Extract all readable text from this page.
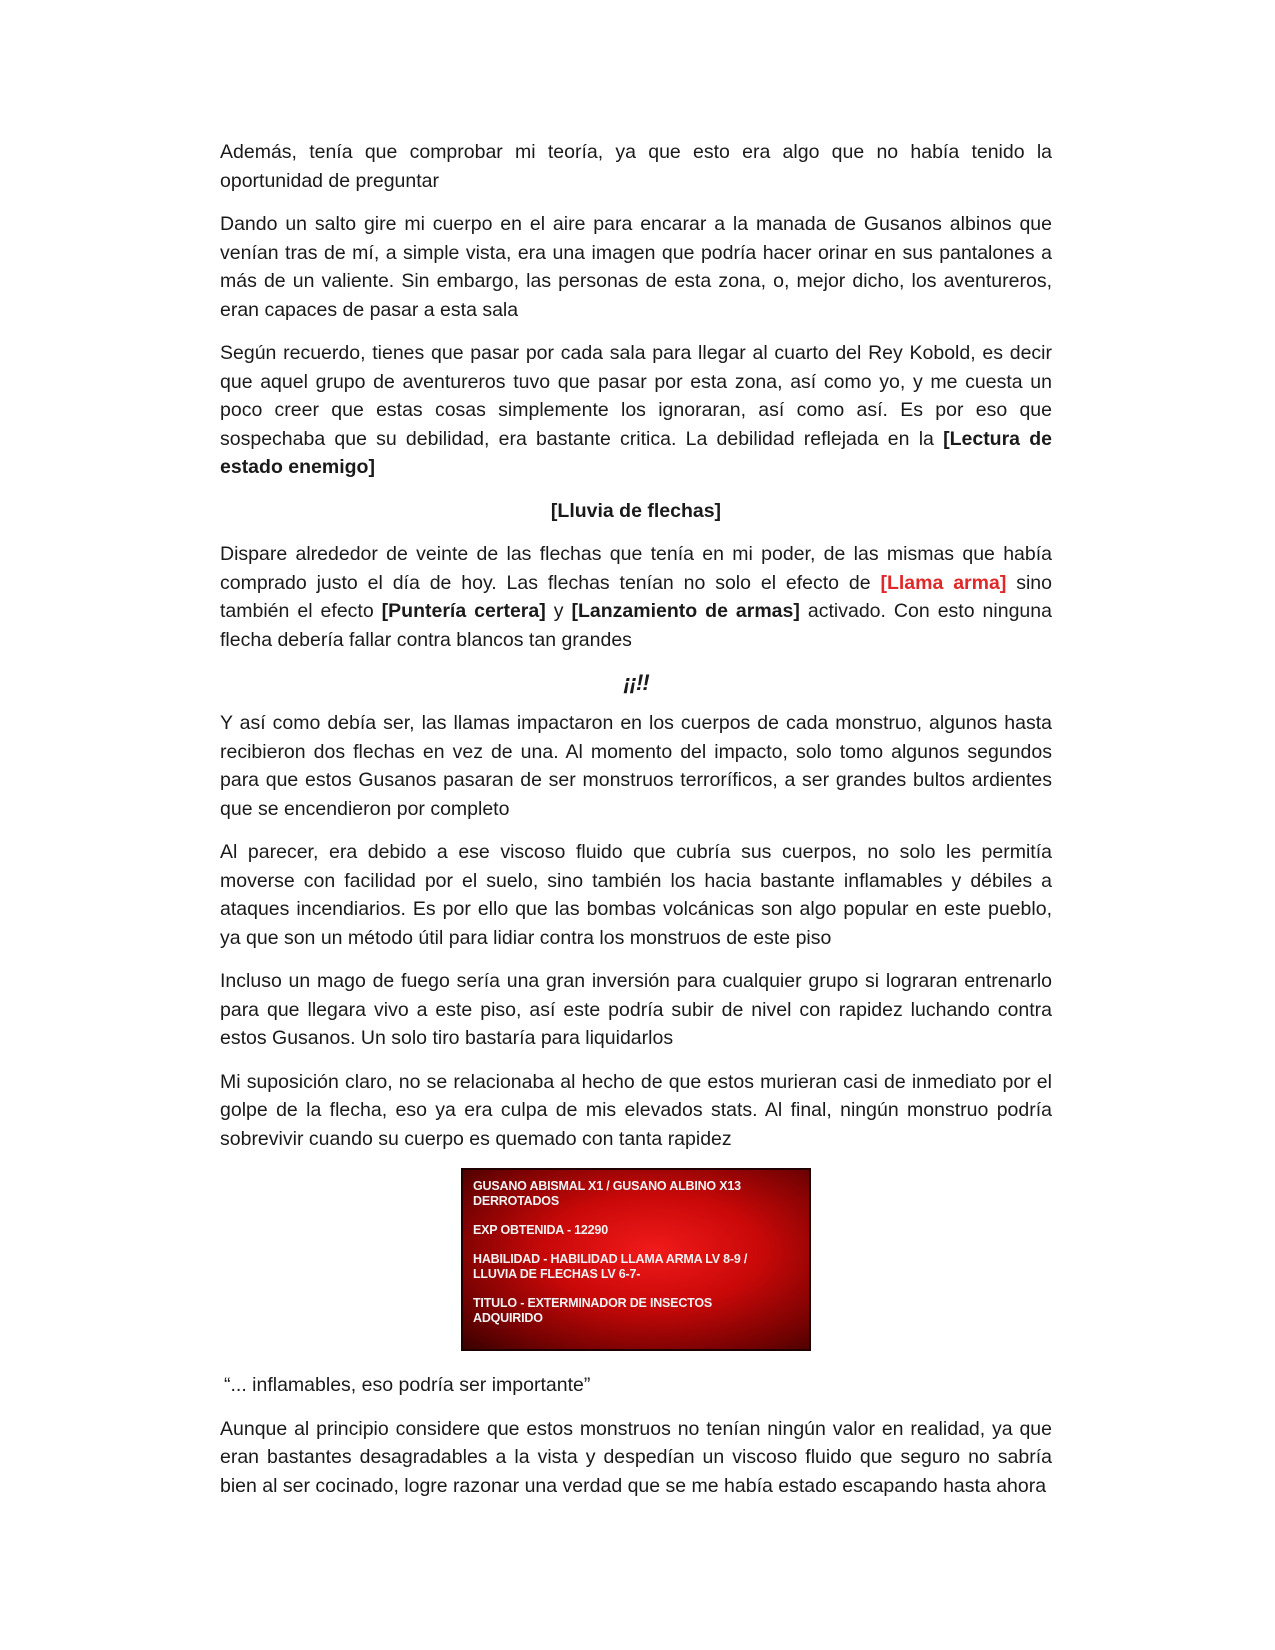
Además, tenía que comprobar mi teoría, ya que esto era algo que no había tenido la oportunidad de preguntar

Dando un salto gire mi cuerpo en el aire para encarar a la manada de Gusanos albinos que venían tras de mí, a simple vista, era una imagen que podría hacer orinar en sus pantalones a más de un valiente. Sin embargo, las personas de esta zona, o, mejor dicho, los aventureros, eran capaces de pasar a esta sala

Según recuerdo, tienes que pasar por cada sala para llegar al cuarto del Rey Kobold, es decir que aquel grupo de aventureros tuvo que pasar por esta zona, así como yo, y me cuesta un poco creer que estas cosas simplemente los ignoraran, así como así. Es por eso que sospechaba que su debilidad, era bastante critica. La debilidad reflejada en la [Lectura de estado enemigo]

[Lluvia de flechas]

Dispare alrededor de veinte de las flechas que tenía en mi poder, de las mismas que había comprado justo el día de hoy. Las flechas tenían no solo el efecto de [Llama arma] sino también el efecto [Puntería certera] y [Lanzamiento de armas] activado. Con esto ninguna flecha debería fallar contra blancos tan grandes

¡¡!!

Y así como debía ser, las llamas impactaron en los cuerpos de cada monstruo, algunos hasta recibieron dos flechas en vez de una. Al momento del impacto, solo tomo algunos segundos para que estos Gusanos pasaran de ser monstruos terroríficos, a ser grandes bultos ardientes que se encendieron por completo

Al parecer, era debido a ese viscoso fluido que cubría sus cuerpos, no solo les permitía moverse con facilidad por el suelo, sino también los hacia bastante inflamables y débiles a ataques incendiarios. Es por ello que las bombas volcánicas son algo popular en este pueblo, ya que son un método útil para lidiar contra los monstruos de este piso

Incluso un mago de fuego sería una gran inversión para cualquier grupo si lograran entrenarlo para que llegara vivo a este piso, así este podría subir de nivel con rapidez luchando contra estos Gusanos. Un solo tiro bastaría para liquidarlos

Mi suposición claro, no se relacionaba al hecho de que estos murieran casi de inmediato por el golpe de la flecha, eso ya era culpa de mis elevados stats. Al final, ningún monstruo podría sobrevivir cuando su cuerpo es quemado con tanta rapidez

GUSANO ABISMAL X1 / GUSANO ALBINO X13
DERROTADOS
EXP OBTENIDA - 12290
HABILIDAD - HABILIDAD LLAMA ARMA LV 8-9 /
LLUVIA DE FLECHAS LV 6-7-
TITULO - EXTERMINADOR DE INSECTOS
ADQUIRIDO

“... inflamables, eso podría ser importante”

Aunque al principio considere que estos monstruos no tenían ningún valor en realidad, ya que eran bastantes desagradables a la vista y despedían un viscoso fluido que seguro no sabría bien al ser cocinado, logre razonar una verdad que se me había estado escapando hasta ahora
